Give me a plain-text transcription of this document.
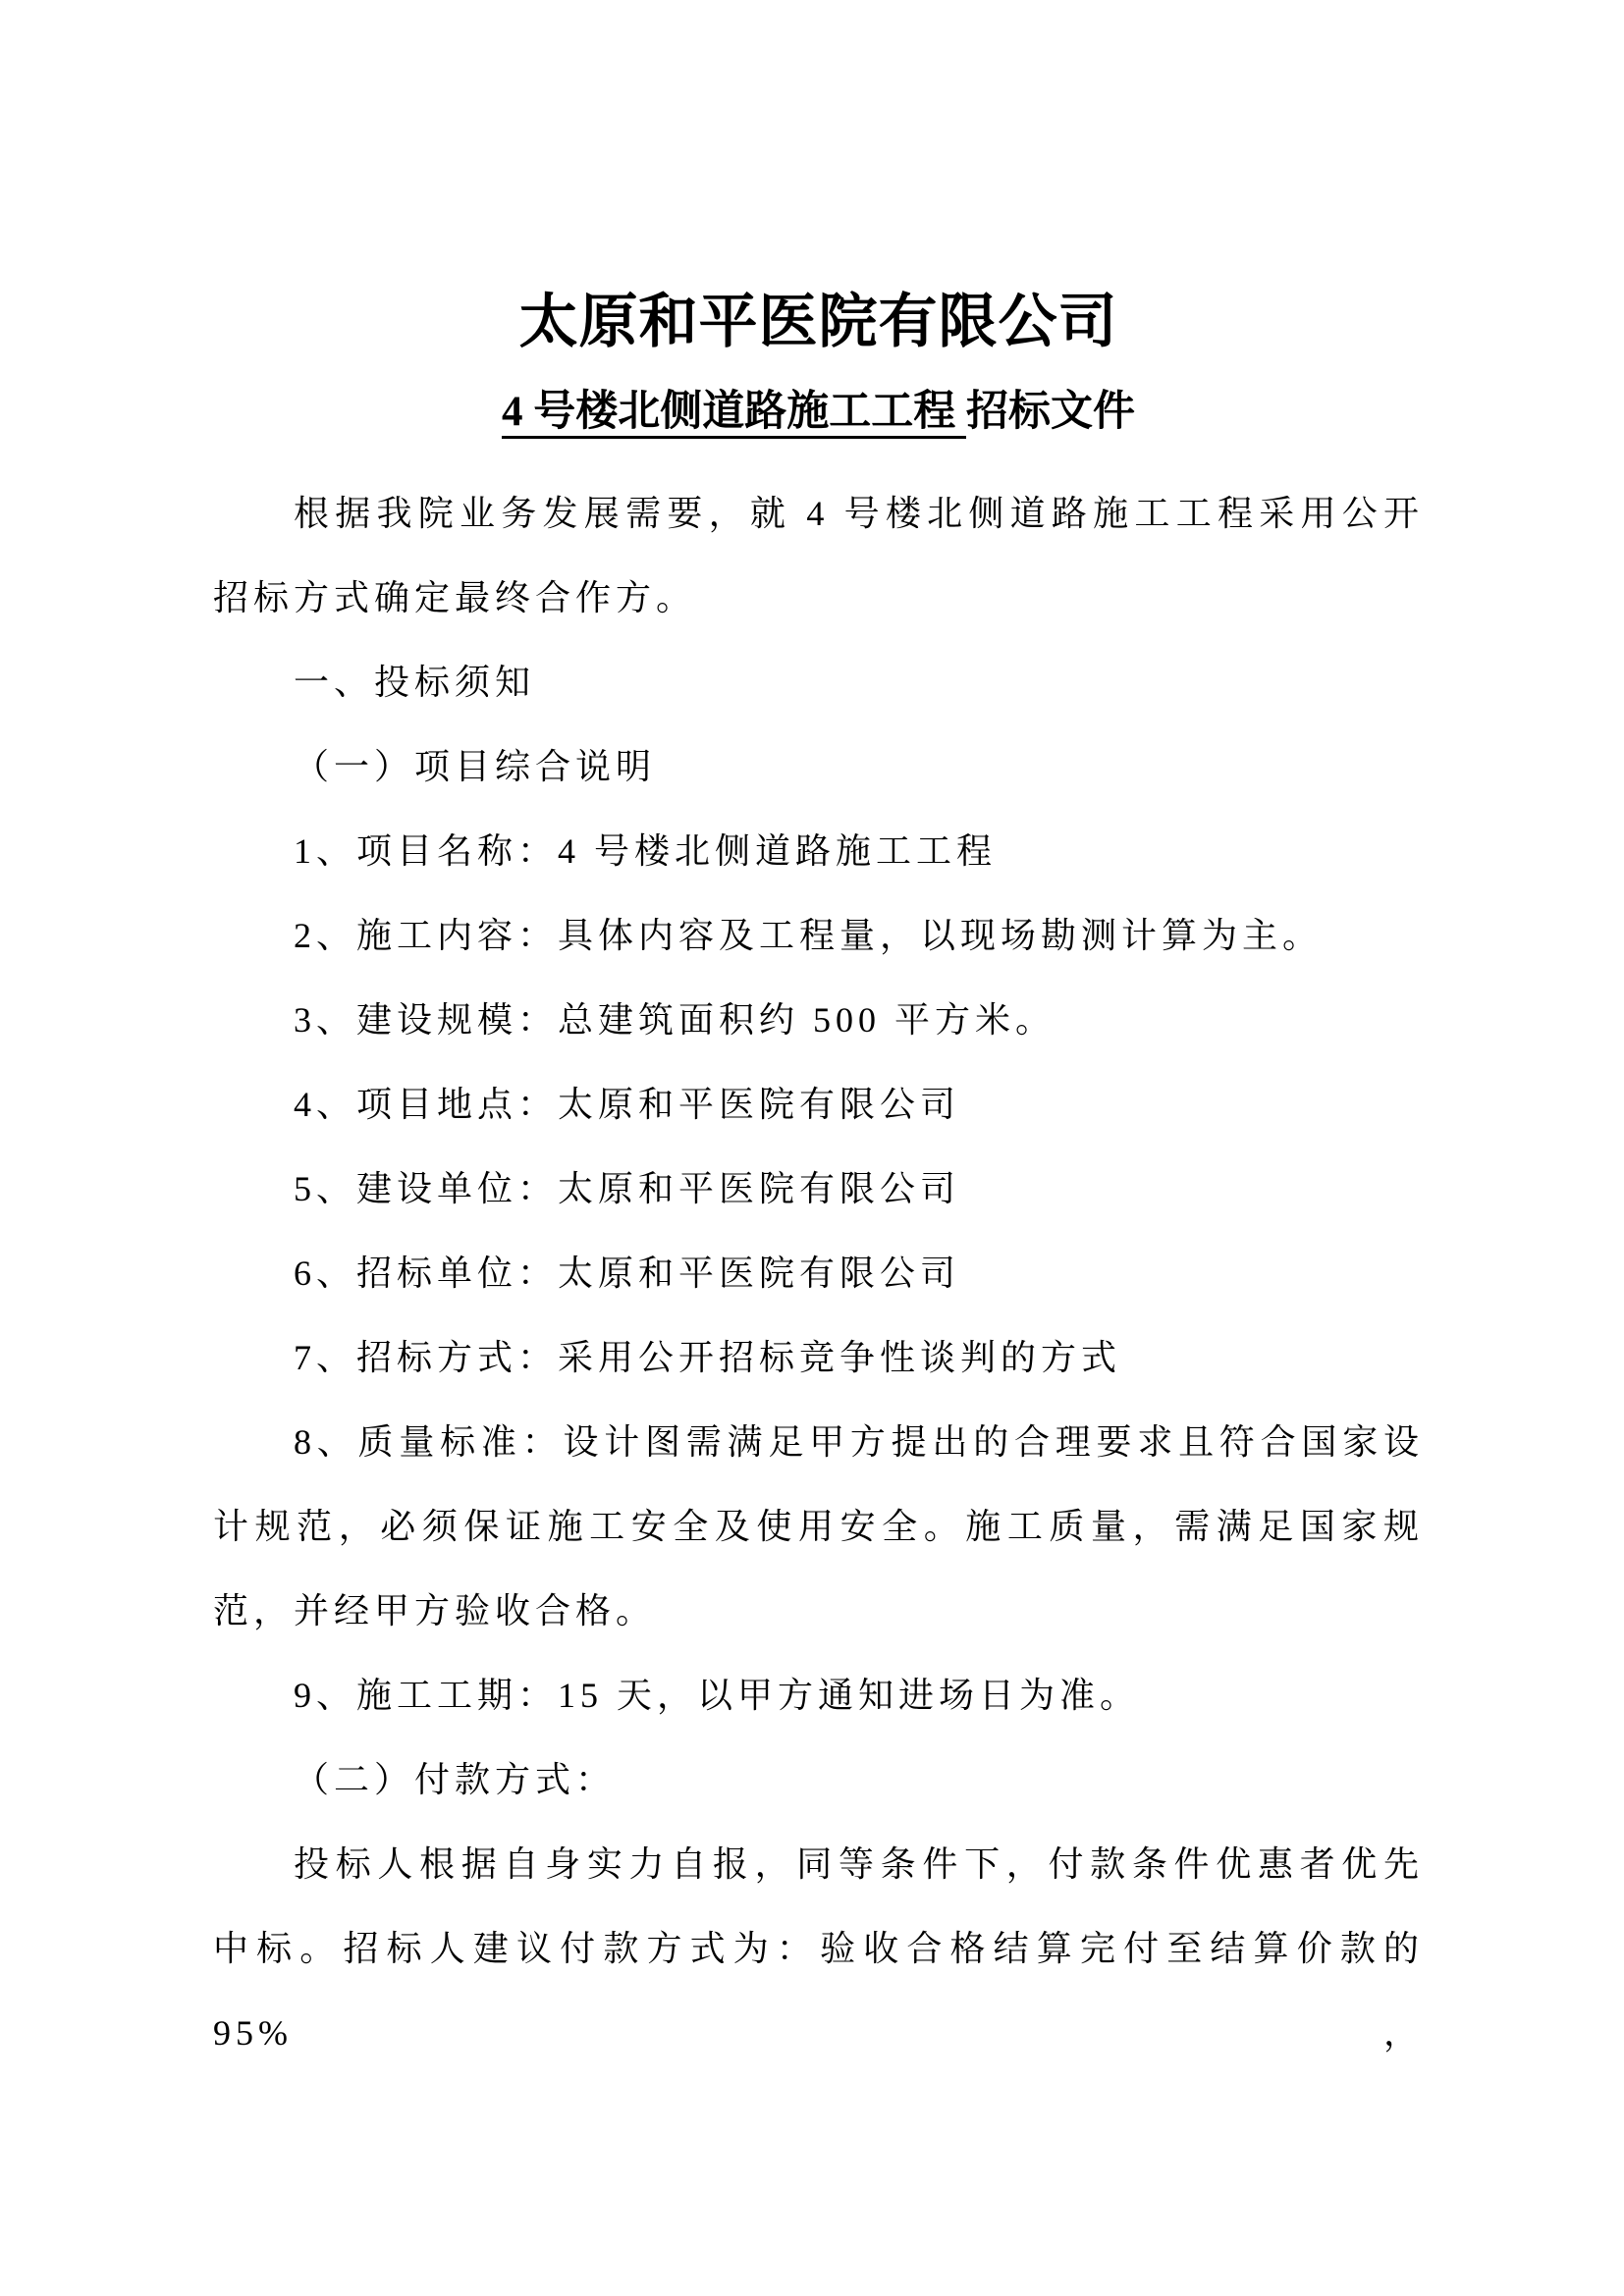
太原和平医院有限公司
4 号楼北侧道路施工工程 招标文件
根据我院业务发展需要，就 4 号楼北侧道路施工工程采用公开
招标方式确定最终合作方。
一、投标须知
（一）项目综合说明
1、项目名称：4 号楼北侧道路施工工程
2、施工内容：具体内容及工程量，以现场勘测计算为主。
3、建设规模：总建筑面积约 500 平方米。
4、项目地点：太原和平医院有限公司
5、建设单位：太原和平医院有限公司
6、招标单位：太原和平医院有限公司
7、招标方式：采用公开招标竞争性谈判的方式
8、质量标准：设计图需满足甲方提出的合理要求且符合国家设
计规范，必须保证施工安全及使用安全。施工质量，需满足国家规
范，并经甲方验收合格。
9、施工工期：15 天，以甲方通知进场日为准。
（二）付款方式：
投标人根据自身实力自报，同等条件下，付款条件优惠者优先
中标。招标人建议付款方式为：验收合格结算完付至结算价款的 95%，
